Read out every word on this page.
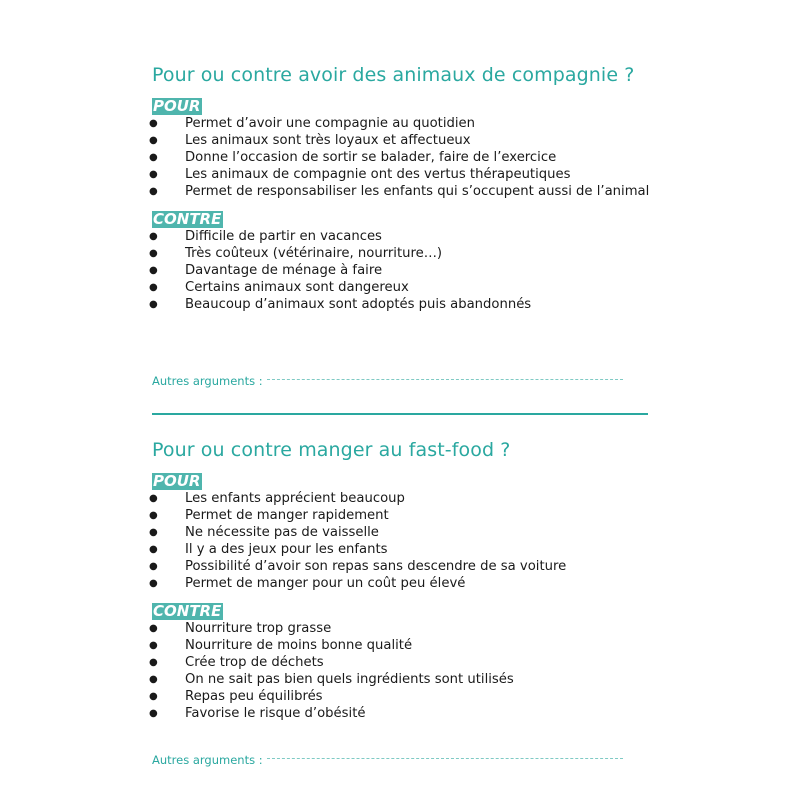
Pour ou contre avoir des animaux de compagnie ?
POUR
● Permet d’avoir une compagnie au quotidien
● Les animaux sont très loyaux et affectueux
● Donne l’occasion de sortir se balader, faire de l’exercice
● Les animaux de compagnie ont des vertus thérapeutiques
● Permet de responsabiliser les enfants qui s’occupent aussi de l’animal
CONTRE
● Difficile de partir en vacances
● Très coûteux (vétérinaire, nourriture…)
● Davantage de ménage à faire
● Certains animaux sont dangereux
● Beaucoup d’animaux sont adoptés puis abandonnés
Autres arguments :
Pour ou contre manger au fast-food ?
POUR
● Les enfants apprécient beaucoup
● Permet de manger rapidement
● Ne nécessite pas de vaisselle
● Il y a des jeux pour les enfants
● Possibilité d’avoir son repas sans descendre de sa voiture
● Permet de manger pour un coût peu élevé
CONTRE
● Nourriture trop grasse
● Nourriture de moins bonne qualité
● Crée trop de déchets
● On ne sait pas bien quels ingrédients sont utilisés
● Repas peu équilibrés
● Favorise le risque d’obésité
Autres arguments :
